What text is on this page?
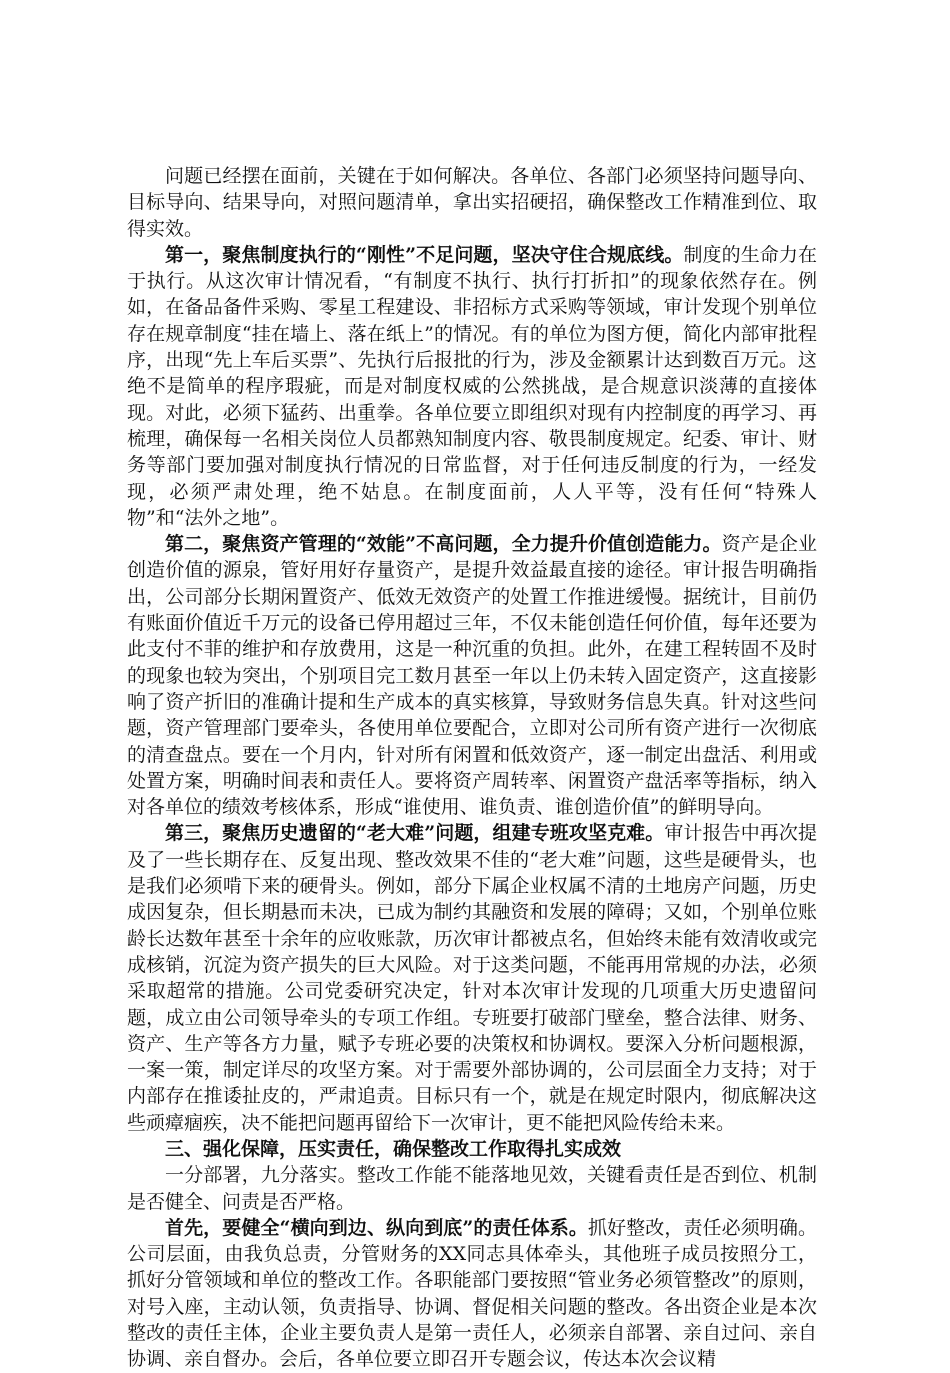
问题已经摆在面前，关键在于如何解决。各单位、各部门必须坚持问题导向、目标导向、结果导向，对照问题清单，拿出实招硬招，确保整改工作精准到位、取得实效。

第一，聚焦制度执行的“刚性”不足问题，坚决守住合规底线。制度的生命力在于执行。从这次审计情况看，“有制度不执行、执行打折扣”的现象依然存在。例如，在备品备件采购、零星工程建设、非招标方式采购等领域，审计发现个别单位存在规章制度“挂在墙上、落在纸上”的情况。有的单位为图方便，简化内部审批程序，出现“先上车后买票”、先执行后报批的行为，涉及金额累计达到数百万元。这绝不是简单的程序瑕疵，而是对制度权威的公然挑战，是合规意识淡薄的直接体现。对此，必须下猛药、出重拳。各单位要立即组织对现有内控制度的再学习、再梳理，确保每一名相关岗位人员都熟知制度内容、敬畏制度规定。纪委、审计、财务等部门要加强对制度执行情况的日常监督，对于任何违反制度的行为，一经发现，必须严肃处理，绝不姑息。在制度面前，人人平等，没有任何“特殊人物”和“法外之地”。

第二，聚焦资产管理的“效能”不高问题，全力提升价值创造能力。资产是企业创造价值的源泉，管好用好存量资产，是提升效益最直接的途径。审计报告明确指出，公司部分长期闲置资产、低效无效资产的处置工作推进缓慢。据统计，目前仍有账面价值近千万元的设备已停用超过三年，不仅未能创造任何价值，每年还要为此支付不菲的维护和存放费用，这是一种沉重的负担。此外，在建工程转固不及时的现象也较为突出，个别项目完工数月甚至一年以上仍未转入固定资产，这直接影响了资产折旧的准确计提和生产成本的真实核算，导致财务信息失真。针对这些问题，资产管理部门要牵头，各使用单位要配合，立即对公司所有资产进行一次彻底的清查盘点。要在一个月内，针对所有闲置和低效资产，逐一制定出盘活、利用或处置方案，明确时间表和责任人。要将资产周转率、闲置资产盘活率等指标，纳入对各单位的绩效考核体系，形成“谁使用、谁负责、谁创造价值”的鲜明导向。

第三，聚焦历史遗留的“老大难”问题，组建专班攻坚克难。审计报告中再次提及了一些长期存在、反复出现、整改效果不佳的“老大难”问题，这些是硬骨头，也是我们必须啃下来的硬骨头。例如，部分下属企业权属不清的土地房产问题，历史成因复杂，但长期悬而未决，已成为制约其融资和发展的障碍；又如，个别单位账龄长达数年甚至十余年的应收账款，历次审计都被点名，但始终未能有效清收或完成核销，沉淀为资产损失的巨大风险。对于这类问题，不能再用常规的办法，必须采取超常的措施。公司党委研究决定，针对本次审计发现的几项重大历史遗留问题，成立由公司领导牵头的专项工作组。专班要打破部门壁垒，整合法律、财务、资产、生产等各方力量，赋予专班必要的决策权和协调权。要深入分析问题根源，一案一策，制定详尽的攻坚方案。对于需要外部协调的，公司层面全力支持；对于内部存在推诿扯皮的，严肃追责。目标只有一个，就是在规定时限内，彻底解决这些顽瘴痼疾，决不能把问题再留给下一次审计，更不能把风险传给未来。

三、强化保障，压实责任，确保整改工作取得扎实成效

一分部署，九分落实。整改工作能不能落地见效，关键看责任是否到位、机制是否健全、问责是否严格。

首先，要健全“横向到边、纵向到底”的责任体系。抓好整改，责任必须明确。公司层面，由我负总责，分管财务的XX同志具体牵头，其他班子成员按照分工，抓好分管领域和单位的整改工作。各职能部门要按照“管业务必须管整改”的原则，对号入座，主动认领，负责指导、协调、督促相关问题的整改。各出资企业是本次整改的责任主体，企业主要负责人是第一责任人，必须亲自部署、亲自过问、亲自协调、亲自督办。会后，各单位要立即召开专题会议，传达本次会议精
